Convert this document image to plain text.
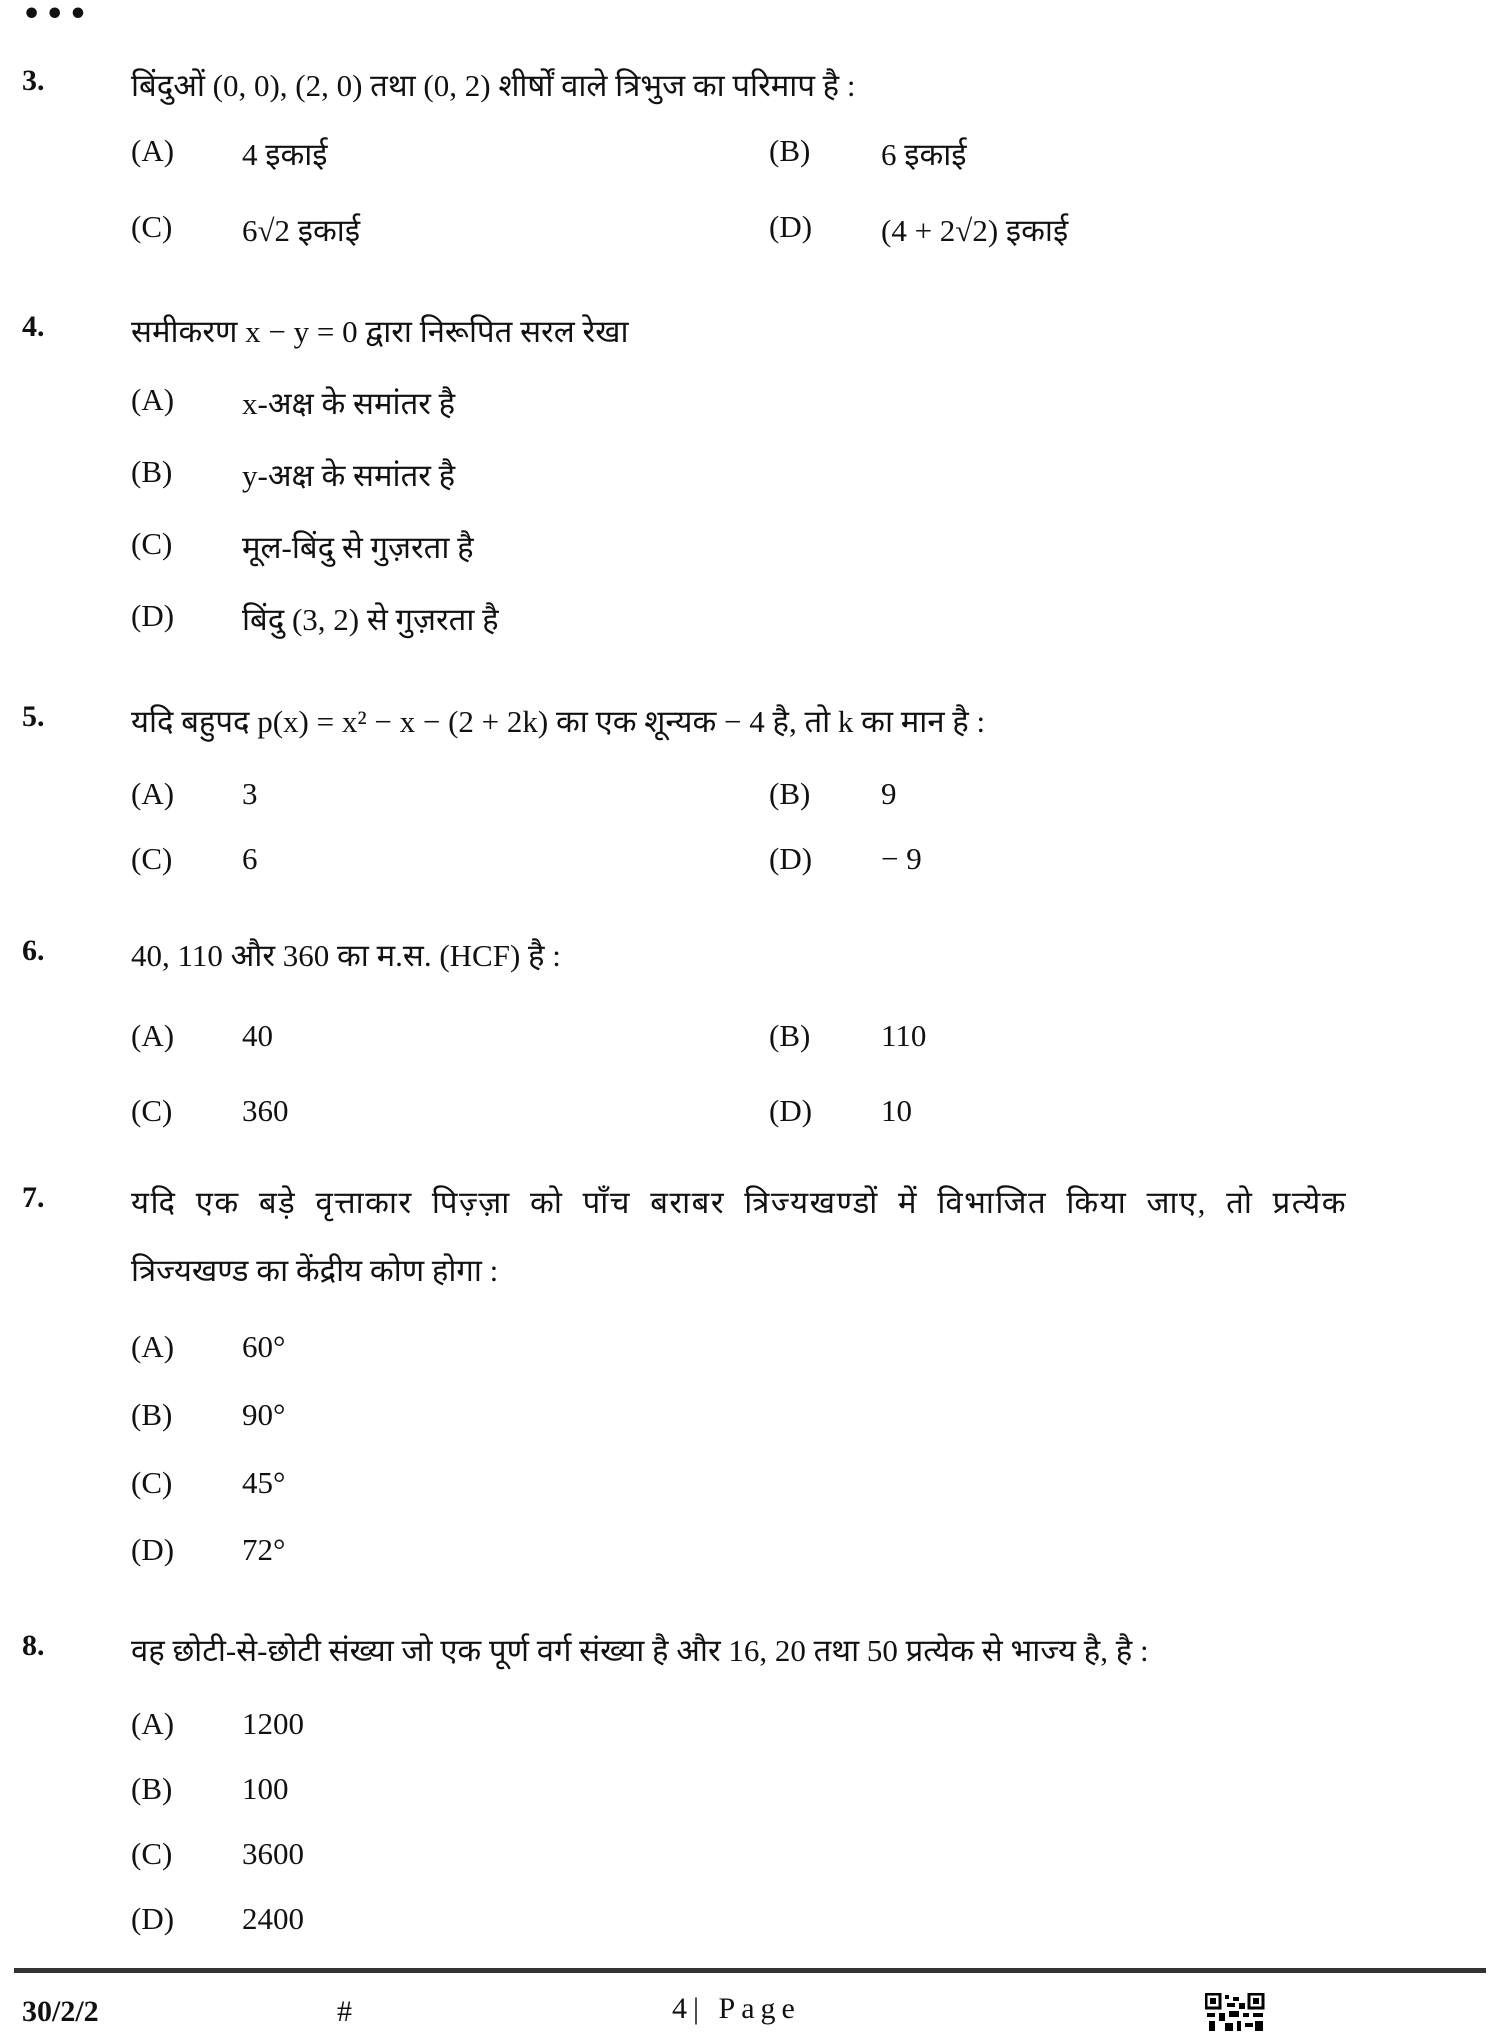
•••
3.	बिंदुओं (0, 0), (2, 0) तथा (0, 2) शीर्षों वाले त्रिभुज का परिमाप है :
(A) 4 इकाई	(B) 6 इकाई
(C) 6√2 इकाई	(D) (4 + 2√2) इकाई
4.	समीकरण x − y = 0 द्वारा निरूपित सरल रेखा
(A) x-अक्ष के समांतर है
(B) y-अक्ष के समांतर है
(C) मूल-बिंदु से गुज़रता है
(D) बिंदु (3, 2) से गुज़रता है
5.	यदि बहुपद p(x) = x² − x − (2 + 2k) का एक शून्यक − 4 है, तो k का मान है :
(A) 3	(B) 9
(C) 6	(D) − 9
6.	40, 110 और 360 का म.स. (HCF) है :
(A) 40	(B) 110
(C) 360	(D) 10
7.	यदि एक बड़े वृत्ताकार पिज़्ज़ा को पाँच बराबर त्रिज्यखण्डों में विभाजित किया जाए, तो प्रत्येक
त्रिज्यखण्ड का केंद्रीय कोण होगा :
(A) 60°
(B) 90°
(C) 45°
(D) 72°
8.	वह छोटी-से-छोटी संख्या जो एक पूर्ण वर्ग संख्या है और 16, 20 तथा 50 प्रत्येक से भाज्य है, है :
(A) 1200
(B) 100
(C) 3600
(D) 2400
30/2/2	#	4| Page
